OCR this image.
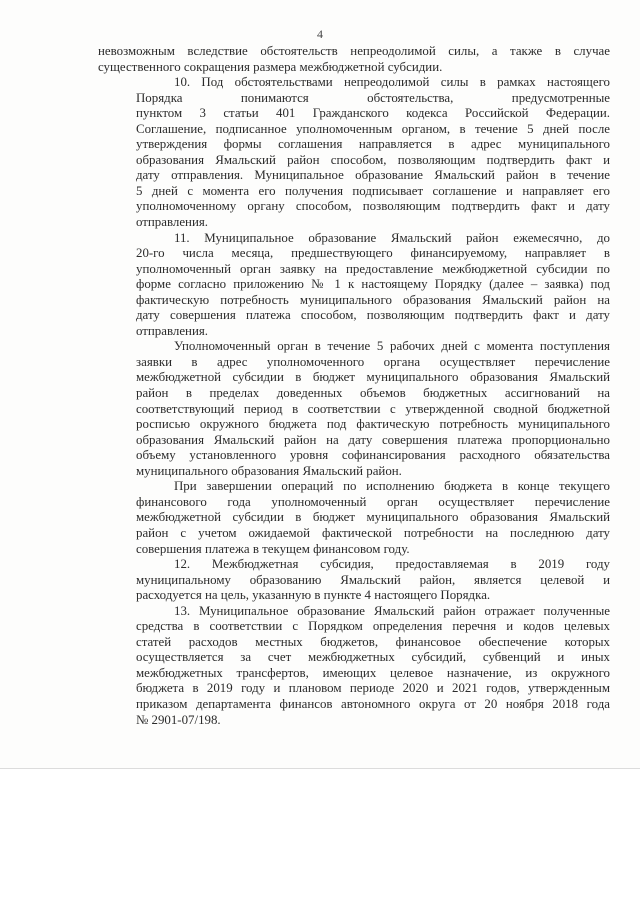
4

невозможным вследствие обстоятельств непреодолимой силы, а также в случае
существенного сокращения размера межбюджетной субсидии.

10. Под обстоятельствами непреодолимой силы в рамках настоящего
Порядка понимаются обстоятельства, предусмотренные
пунктом 3 статьи 401 Гражданского кодекса Российской Федерации.
Соглашение, подписанное уполномоченным органом, в течение 5 дней после
утверждения формы соглашения направляется в адрес муниципального
образования Ямальский район способом, позволяющим подтвердить факт и
дату отправления. Муниципальное образование Ямальский район в течение
5 дней с момента его получения подписывает соглашение и направляет его
уполномоченному органу способом, позволяющим подтвердить факт и дату
отправления.

11. Муниципальное образование Ямальский район ежемесячно, до
20-го числа месяца, предшествующего финансируемому, направляет в
уполномоченный орган заявку на предоставление межбюджетной субсидии по
форме согласно приложению № 1 к настоящему Порядку (далее – заявка) под
фактическую потребность муниципального образования Ямальский район на
дату совершения платежа способом, позволяющим подтвердить факт и дату
отправления.

Уполномоченный орган в течение 5 рабочих дней с момента поступления
заявки в адрес уполномоченного органа осуществляет перечисление
межбюджетной субсидии в бюджет муниципального образования Ямальский
район в пределах доведенных объемов бюджетных ассигнований на
соответствующий период в соответствии с утвержденной сводной бюджетной
росписью окружного бюджета под фактическую потребность муниципального
образования Ямальский район на дату совершения платежа пропорционально
объему установленного уровня софинансирования расходного обязательства
муниципального образования Ямальский район.

При завершении операций по исполнению бюджета в конце текущего
финансового года уполномоченный орган осуществляет перечисление
межбюджетной субсидии в бюджет муниципального образования Ямальский
район с учетом ожидаемой фактической потребности на последнюю дату
совершения платежа в текущем финансовом году.

12. Межбюджетная субсидия, предоставляемая в 2019 году
муниципальному образованию Ямальский район, является целевой и
расходуется на цель, указанную в пункте 4 настоящего Порядка.

13. Муниципальное образование Ямальский район отражает полученные
средства в соответствии с Порядком определения перечня и кодов целевых
статей расходов местных бюджетов, финансовое обеспечение которых
осуществляется за счет межбюджетных субсидий, субвенций и иных
межбюджетных трансфертов, имеющих целевое назначение, из окружного
бюджета в 2019 году и плановом периоде 2020 и 2021 годов, утвержденным
приказом департамента финансов автономного округа от 20 ноября 2018 года
№ 2901-07/198.
